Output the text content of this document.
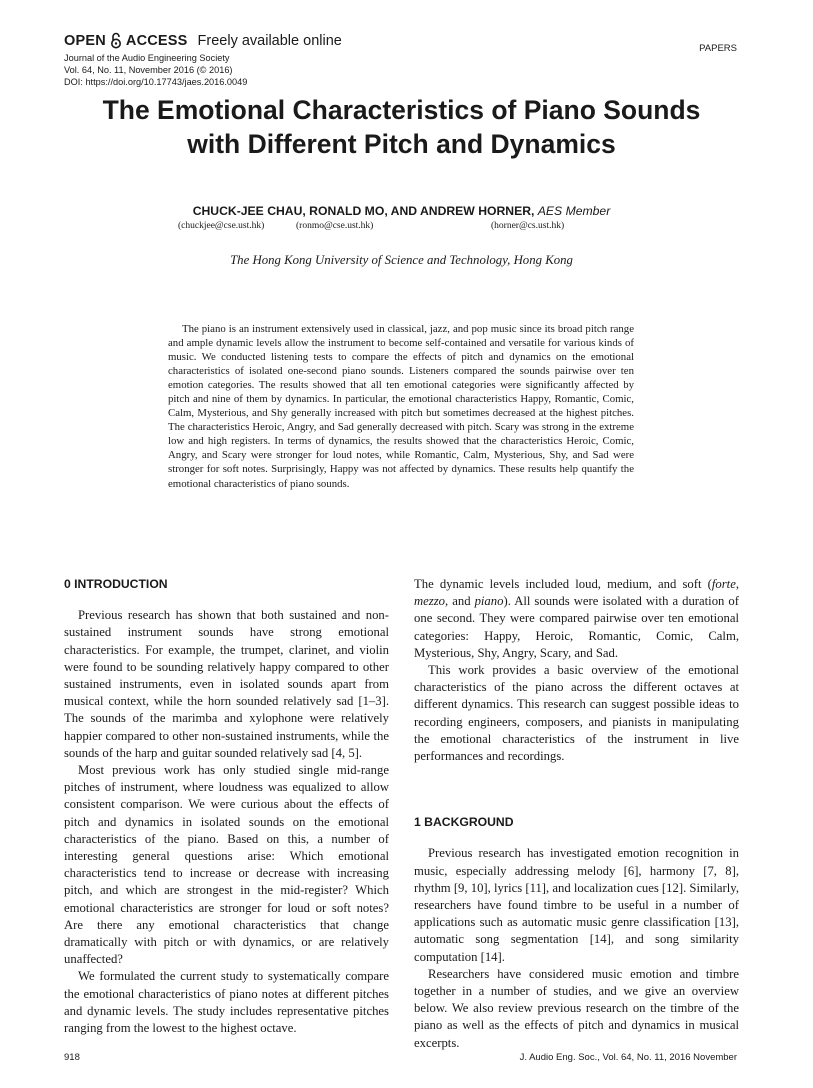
OPEN ACCESS Freely available online
Journal of the Audio Engineering Society
Vol. 64, No. 11, November 2016 (© 2016)
DOI: https://doi.org/10.17743/jaes.2016.0049
PAPERS
The Emotional Characteristics of Piano Sounds
with Different Pitch and Dynamics
CHUCK-JEE CHAU, RONALD MO, AND ANDREW HORNER, AES Member
(chuckjee@cse.ust.hk)	(ronmo@cse.ust.hk)	(horner@cs.ust.hk)
The Hong Kong University of Science and Technology, Hong Kong

The piano is an instrument extensively used in classical, jazz, and pop music since its broad pitch range and ample dynamic levels allow the instrument to become self-contained and versatile for various kinds of music. We conducted listening tests to compare the effects of pitch and dynamics on the emotional characteristics of isolated one-second piano sounds. Listeners compared the sounds pairwise over ten emotion categories. The results showed that all ten emotional categories were significantly affected by pitch and nine of them by dynamics. In particular, the emotional characteristics Happy, Romantic, Comic, Calm, Mysterious, and Shy generally increased with pitch but sometimes decreased at the highest pitches. The characteristics Heroic, Angry, and Sad generally decreased with pitch. Scary was strong in the extreme low and high registers. In terms of dynamics, the results showed that the characteristics Heroic, Comic, Angry, and Scary were stronger for loud notes, while Romantic, Calm, Mysterious, Shy, and Sad were stronger for soft notes. Surprisingly, Happy was not affected by dynamics. These results help quantify the emotional characteristics of piano sounds.

0 INTRODUCTION

Previous research has shown that both sustained and non-sustained instrument sounds have strong emotional characteristics. For example, the trumpet, clarinet, and violin were found to be sounding relatively happy compared to other sustained instruments, even in isolated sounds apart from musical context, while the horn sounded relatively sad [1–3]. The sounds of the marimba and xylophone were relatively happier compared to other non-sustained instruments, while the sounds of the harp and guitar sounded relatively sad [4, 5].

Most previous work has only studied single mid-range pitches of instrument, where loudness was equalized to allow consistent comparison. We were curious about the effects of pitch and dynamics in isolated sounds on the emotional characteristics of the piano. Based on this, a number of interesting general questions arise: Which emotional characteristics tend to increase or decrease with increasing pitch, and which are strongest in the mid-register? Which emotional characteristics are stronger for loud or soft notes? Are there any emotional characteristics that change dramatically with pitch or with dynamics, or are relatively unaffected?

We formulated the current study to systematically compare the emotional characteristics of piano notes at different pitches and dynamic levels. The study includes representative pitches ranging from the lowest to the highest octave.

The dynamic levels included loud, medium, and soft (forte, mezzo, and piano). All sounds were isolated with a duration of one second. They were compared pairwise over ten emotional categories: Happy, Heroic, Romantic, Comic, Calm, Mysterious, Shy, Angry, Scary, and Sad.

This work provides a basic overview of the emotional characteristics of the piano across the different octaves at different dynamics. This research can suggest possible ideas to recording engineers, composers, and pianists in manipulating the emotional characteristics of the instrument in live performances and recordings.

1 BACKGROUND

Previous research has investigated emotion recognition in music, especially addressing melody [6], harmony [7, 8], rhythm [9, 10], lyrics [11], and localization cues [12]. Similarly, researchers have found timbre to be useful in a number of applications such as automatic music genre classification [13], automatic song segmentation [14], and song similarity computation [14].

Researchers have considered music emotion and timbre together in a number of studies, and we give an overview below. We also review previous research on the timbre of the piano as well as the effects of pitch and dynamics in musical excerpts.

918	J. Audio Eng. Soc., Vol. 64, No. 11, 2016 November
